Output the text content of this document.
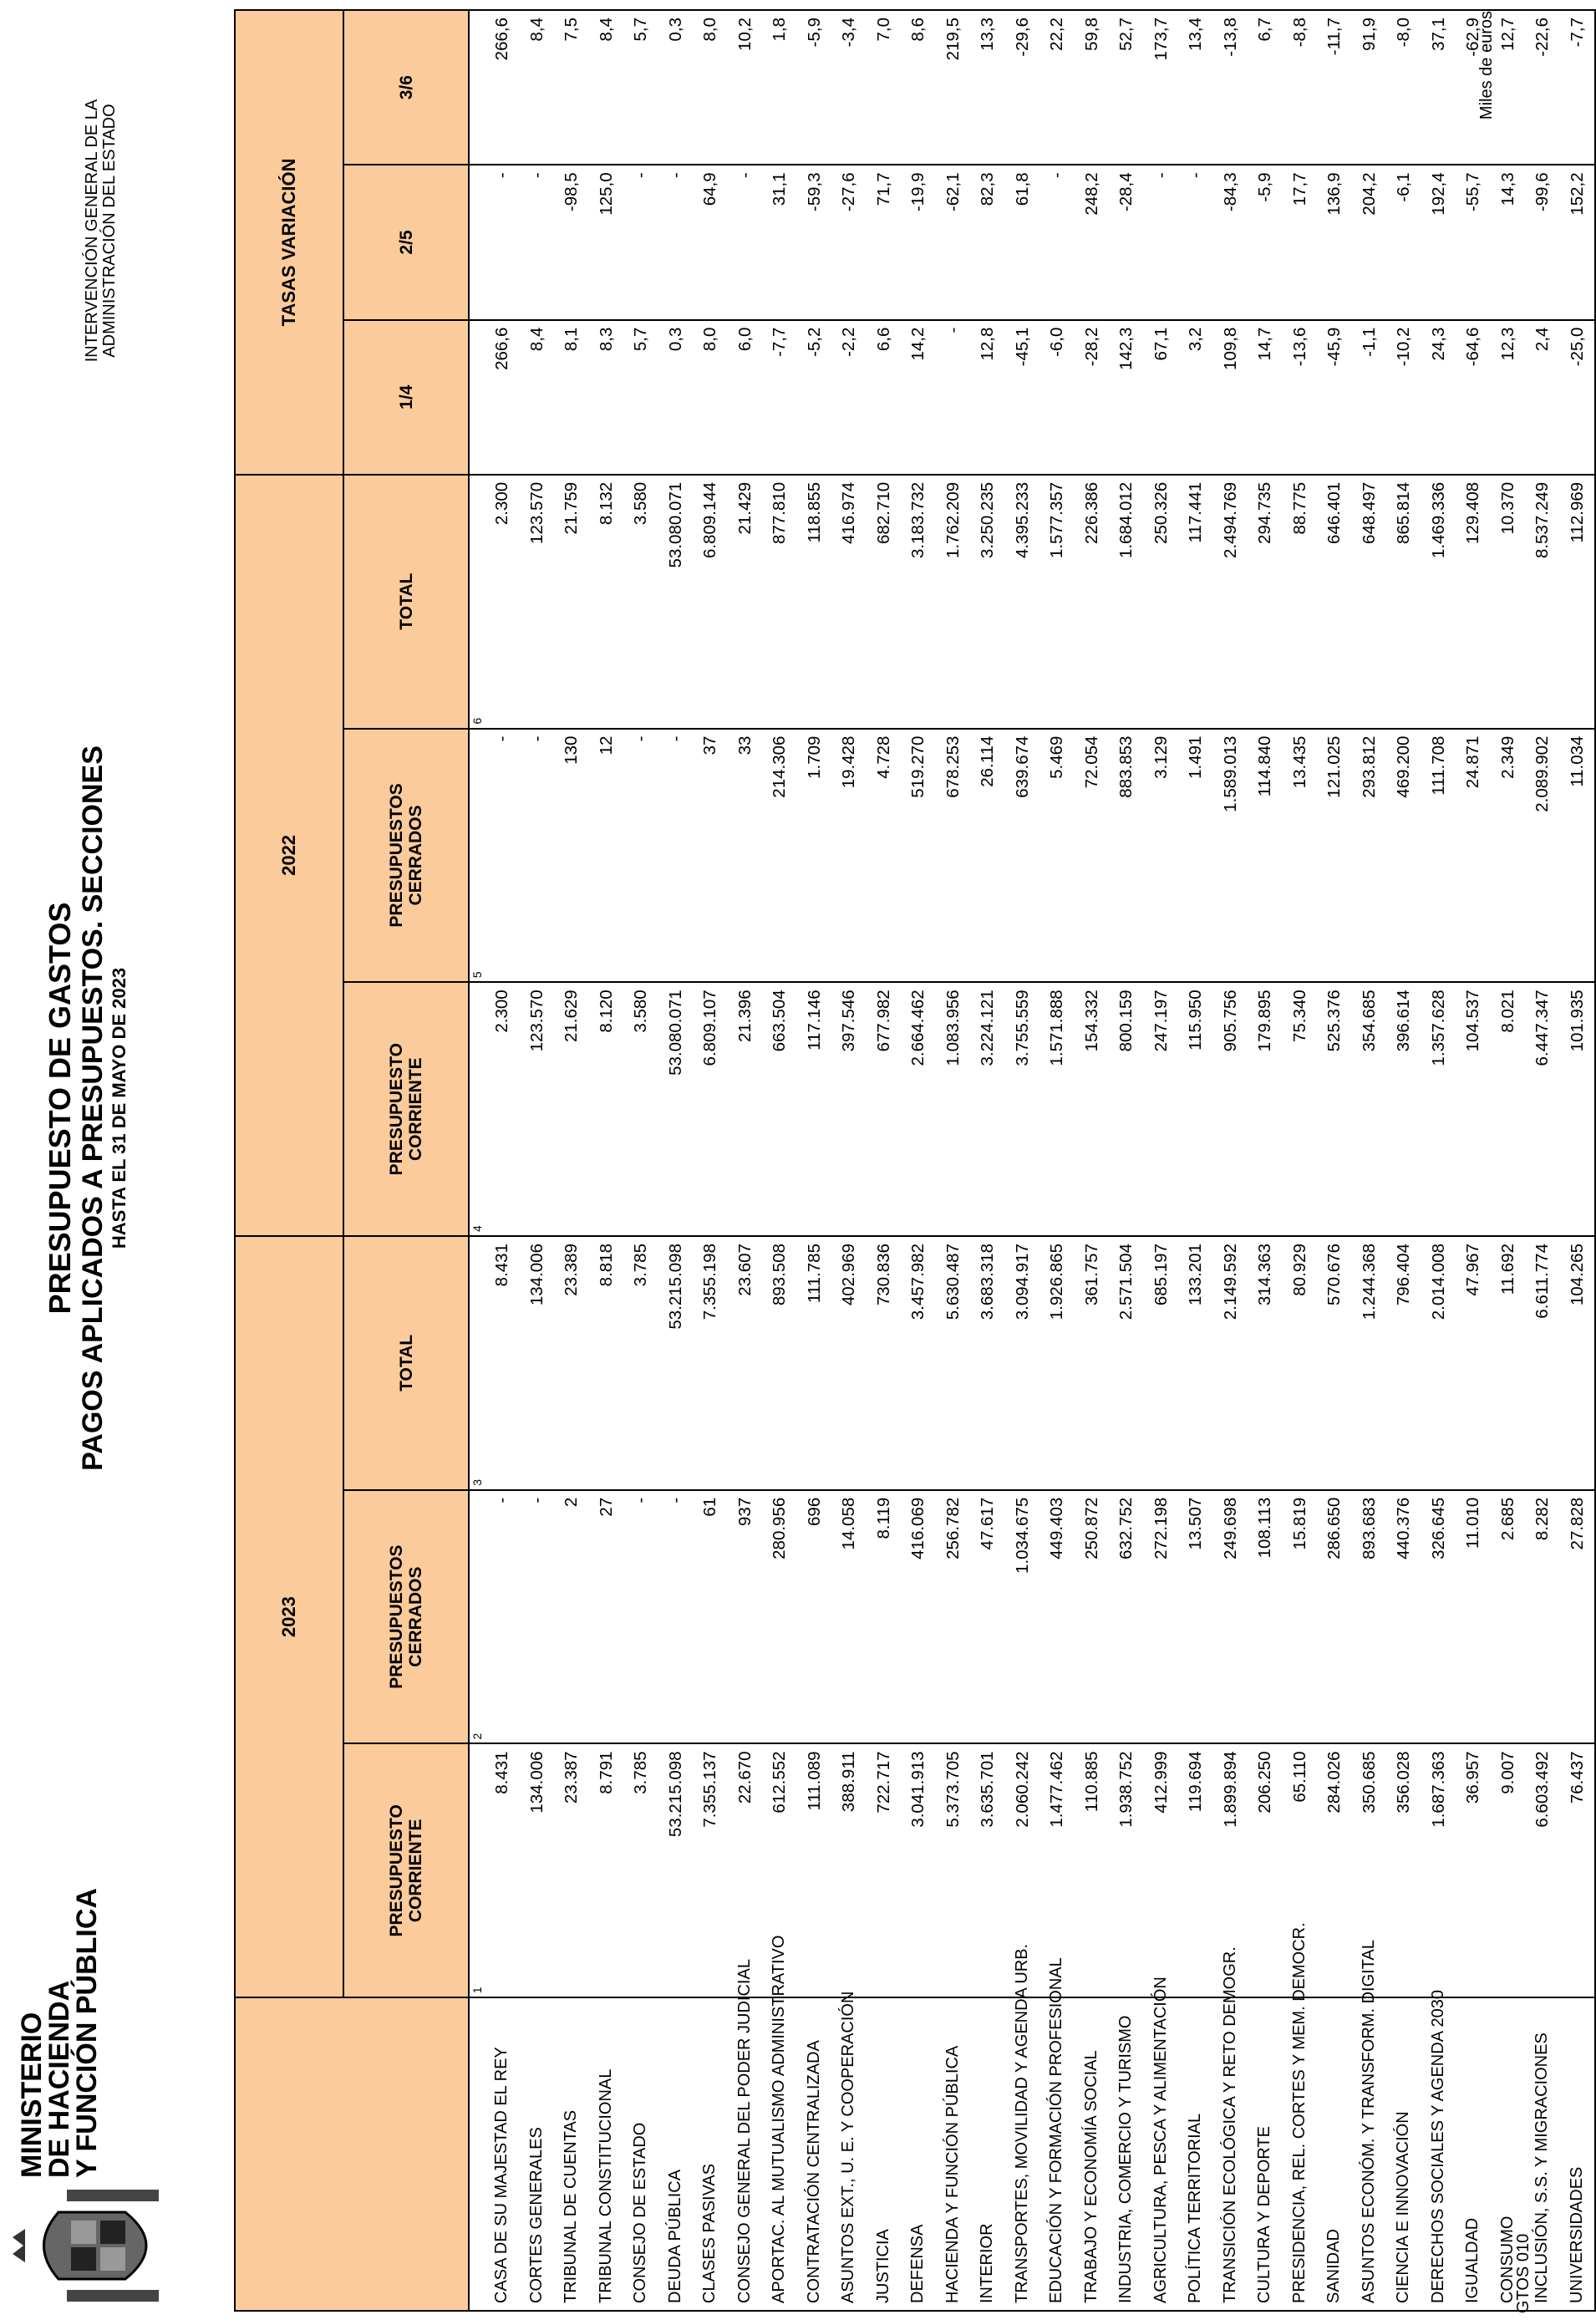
MINISTERIO
DE HACIENDA
Y FUNCIÓN PÚBLICA
PRESUPUESTO DE GASTOS PAGOS APLICADOS A PRESUPUESTOS. SECCIONES HASTA EL 31 DE MAYO DE 2023
INTERVENCIÓN GENERAL DE LA ADMINISTRACIÓN DEL ESTADO
Miles de euros
	2023			2022			TASAS VARIACIÓN		
	PRESUPUESTO CORRIENTE	PRESUPUESTOS CERRADOS	TOTAL	PRESUPUESTO CORRIENTE	PRESUPUESTOS CERRADOS	TOTAL	1/4	2/5	3/6
	1	2	3	4	5	6			
CASA DE SU MAJESTAD EL REY	8.431	-	8.431	2.300	-	2.300	266,6	-	266,6
CORTES GENERALES	134.006	-	134.006	123.570	-	123.570	8,4	-	8,4
TRIBUNAL DE CUENTAS	23.387	2	23.389	21.629	130	21.759	8,1	-98,5	7,5
TRIBUNAL CONSTITUCIONAL	8.791	27	8.818	8.120	12	8.132	8,3	125,0	8,4
CONSEJO DE ESTADO	3.785	-	3.785	3.580	-	3.580	5,7	-	5,7
DEUDA PÚBLICA	53.215.098	-	53.215.098	53.080.071	-	53.080.071	0,3	-	0,3
CLASES PASIVAS	7.355.137	61	7.355.198	6.809.107	37	6.809.144	8,0	64,9	8,0
CONSEJO GENERAL DEL PODER JUDICIAL	22.670	937	23.607	21.396	33	21.429	6,0	-	10,2
APORTAC. AL MUTUALISMO ADMINISTRATIVO	612.552	280.956	893.508	663.504	214.306	877.810	-7,7	31,1	1,8
CONTRATACIÓN CENTRALIZADA	111.089	696	111.785	117.146	1.709	118.855	-5,2	-59,3	-5,9
ASUNTOS EXT., U. E. Y COOPERACIÓN	388.911	14.058	402.969	397.546	19.428	416.974	-2,2	-27,6	-3,4
JUSTICIA	722.717	8.119	730.836	677.982	4.728	682.710	6,6	71,7	7,0
DEFENSA	3.041.913	416.069	3.457.982	2.664.462	519.270	3.183.732	14,2	-19,9	8,6
HACIENDA Y FUNCIÓN PÚBLICA	5.373.705	256.782	5.630.487	1.083.956	678.253	1.762.209	-	-62,1	219,5
INTERIOR	3.635.701	47.617	3.683.318	3.224.121	26.114	3.250.235	12,8	82,3	13,3
TRANSPORTES, MOVILIDAD Y AGENDA URB.	2.060.242	1.034.675	3.094.917	3.755.559	639.674	4.395.233	-45,1	61,8	-29,6
EDUCACIÓN Y FORMACIÓN PROFESIONAL	1.477.462	449.403	1.926.865	1.571.888	5.469	1.577.357	-6,0	-	22,2
TRABAJO Y ECONOMÍA SOCIAL	110.885	250.872	361.757	154.332	72.054	226.386	-28,2	248,2	59,8
INDUSTRIA, COMERCIO Y TURISMO	1.938.752	632.752	2.571.504	800.159	883.853	1.684.012	142,3	-28,4	52,7
AGRICULTURA, PESCA Y ALIMENTACIÓN	412.999	272.198	685.197	247.197	3.129	250.326	67,1	-	173,7
POLÍTICA TERRITORIAL	119.694	13.507	133.201	115.950	1.491	117.441	3,2	-	13,4
TRANSICIÓN ECOLÓGICA Y RETO DEMOGR.	1.899.894	249.698	2.149.592	905.756	1.589.013	2.494.769	109,8	-84,3	-13,8
CULTURA Y DEPORTE	206.250	108.113	314.363	179.895	114.840	294.735	14,7	-5,9	6,7
PRESIDENCIA, REL. CORTES Y MEM. DEMOCR.	65.110	15.819	80.929	75.340	13.435	88.775	-13,6	17,7	-8,8
SANIDAD	284.026	286.650	570.676	525.376	121.025	646.401	-45,9	136,9	-11,7
ASUNTOS ECONÓM. Y TRANSFORM. DIGITAL	350.685	893.683	1.244.368	354.685	293.812	648.497	-1,1	204,2	91,9
CIENCIA E INNOVACIÓN	356.028	440.376	796.404	396.614	469.200	865.814	-10,2	-6,1	-8,0
DERECHOS SOCIALES Y AGENDA 2030	1.687.363	326.645	2.014.008	1.357.628	111.708	1.469.336	24,3	192,4	37,1
IGUALDAD	36.957	11.010	47.967	104.537	24.871	129.408	-64,6	-55,7	-62,9
CONSUMO	9.007	2.685	11.692	8.021	2.349	10.370	12,3	14,3	12,7
INCLUSIÓN, S.S. Y MIGRACIONES	6.603.492	8.282	6.611.774	6.447.347	2.089.902	8.537.249	2,4	-99,6	-22,6
UNIVERSIDADES	76.437	27.828	104.265	101.935	11.034	112.969	-25,0	152,2	-7,7
GTOS 010
